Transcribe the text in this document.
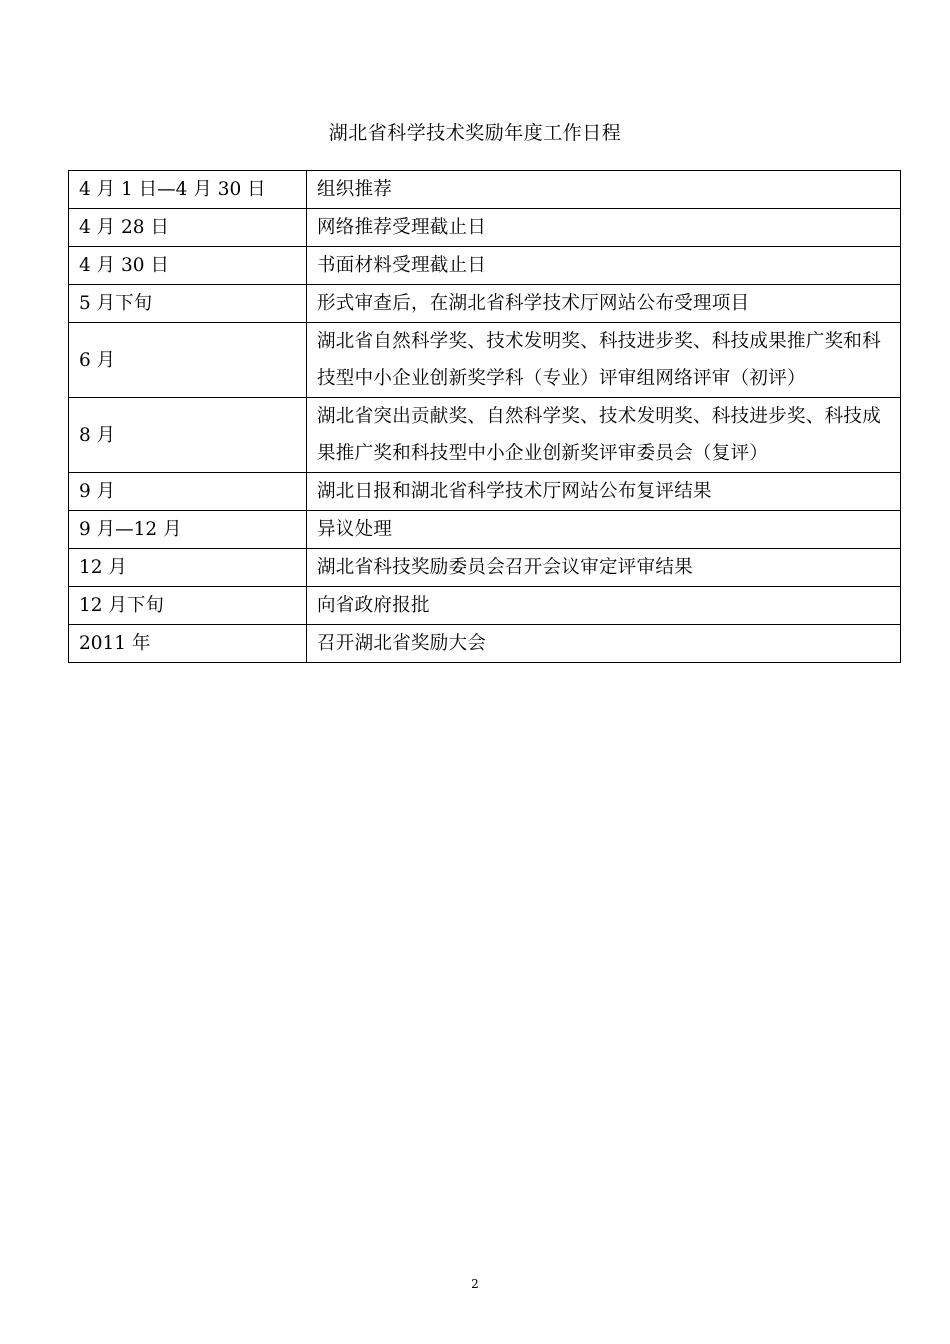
湖北省科学技术奖励年度工作日程
4 月 1 日—4 月 30 日	组织推荐
4 月 28 日	网络推荐受理截止日
4 月 30 日	书面材料受理截止日
5 月下旬	形式审查后，在湖北省科学技术厅网站公布受理项目
6 月	湖北省自然科学奖、技术发明奖、科技进步奖、科技成果推广奖和科技型中小企业创新奖学科（专业）评审组网络评审（初评）
8 月	湖北省突出贡献奖、自然科学奖、技术发明奖、科技进步奖、科技成果推广奖和科技型中小企业创新奖评审委员会（复评）
9 月	湖北日报和湖北省科学技术厅网站公布复评结果
9 月—12 月	异议处理
12 月	湖北省科技奖励委员会召开会议审定评审结果
12 月下旬	向省政府报批
2011 年	召开湖北省奖励大会
2
